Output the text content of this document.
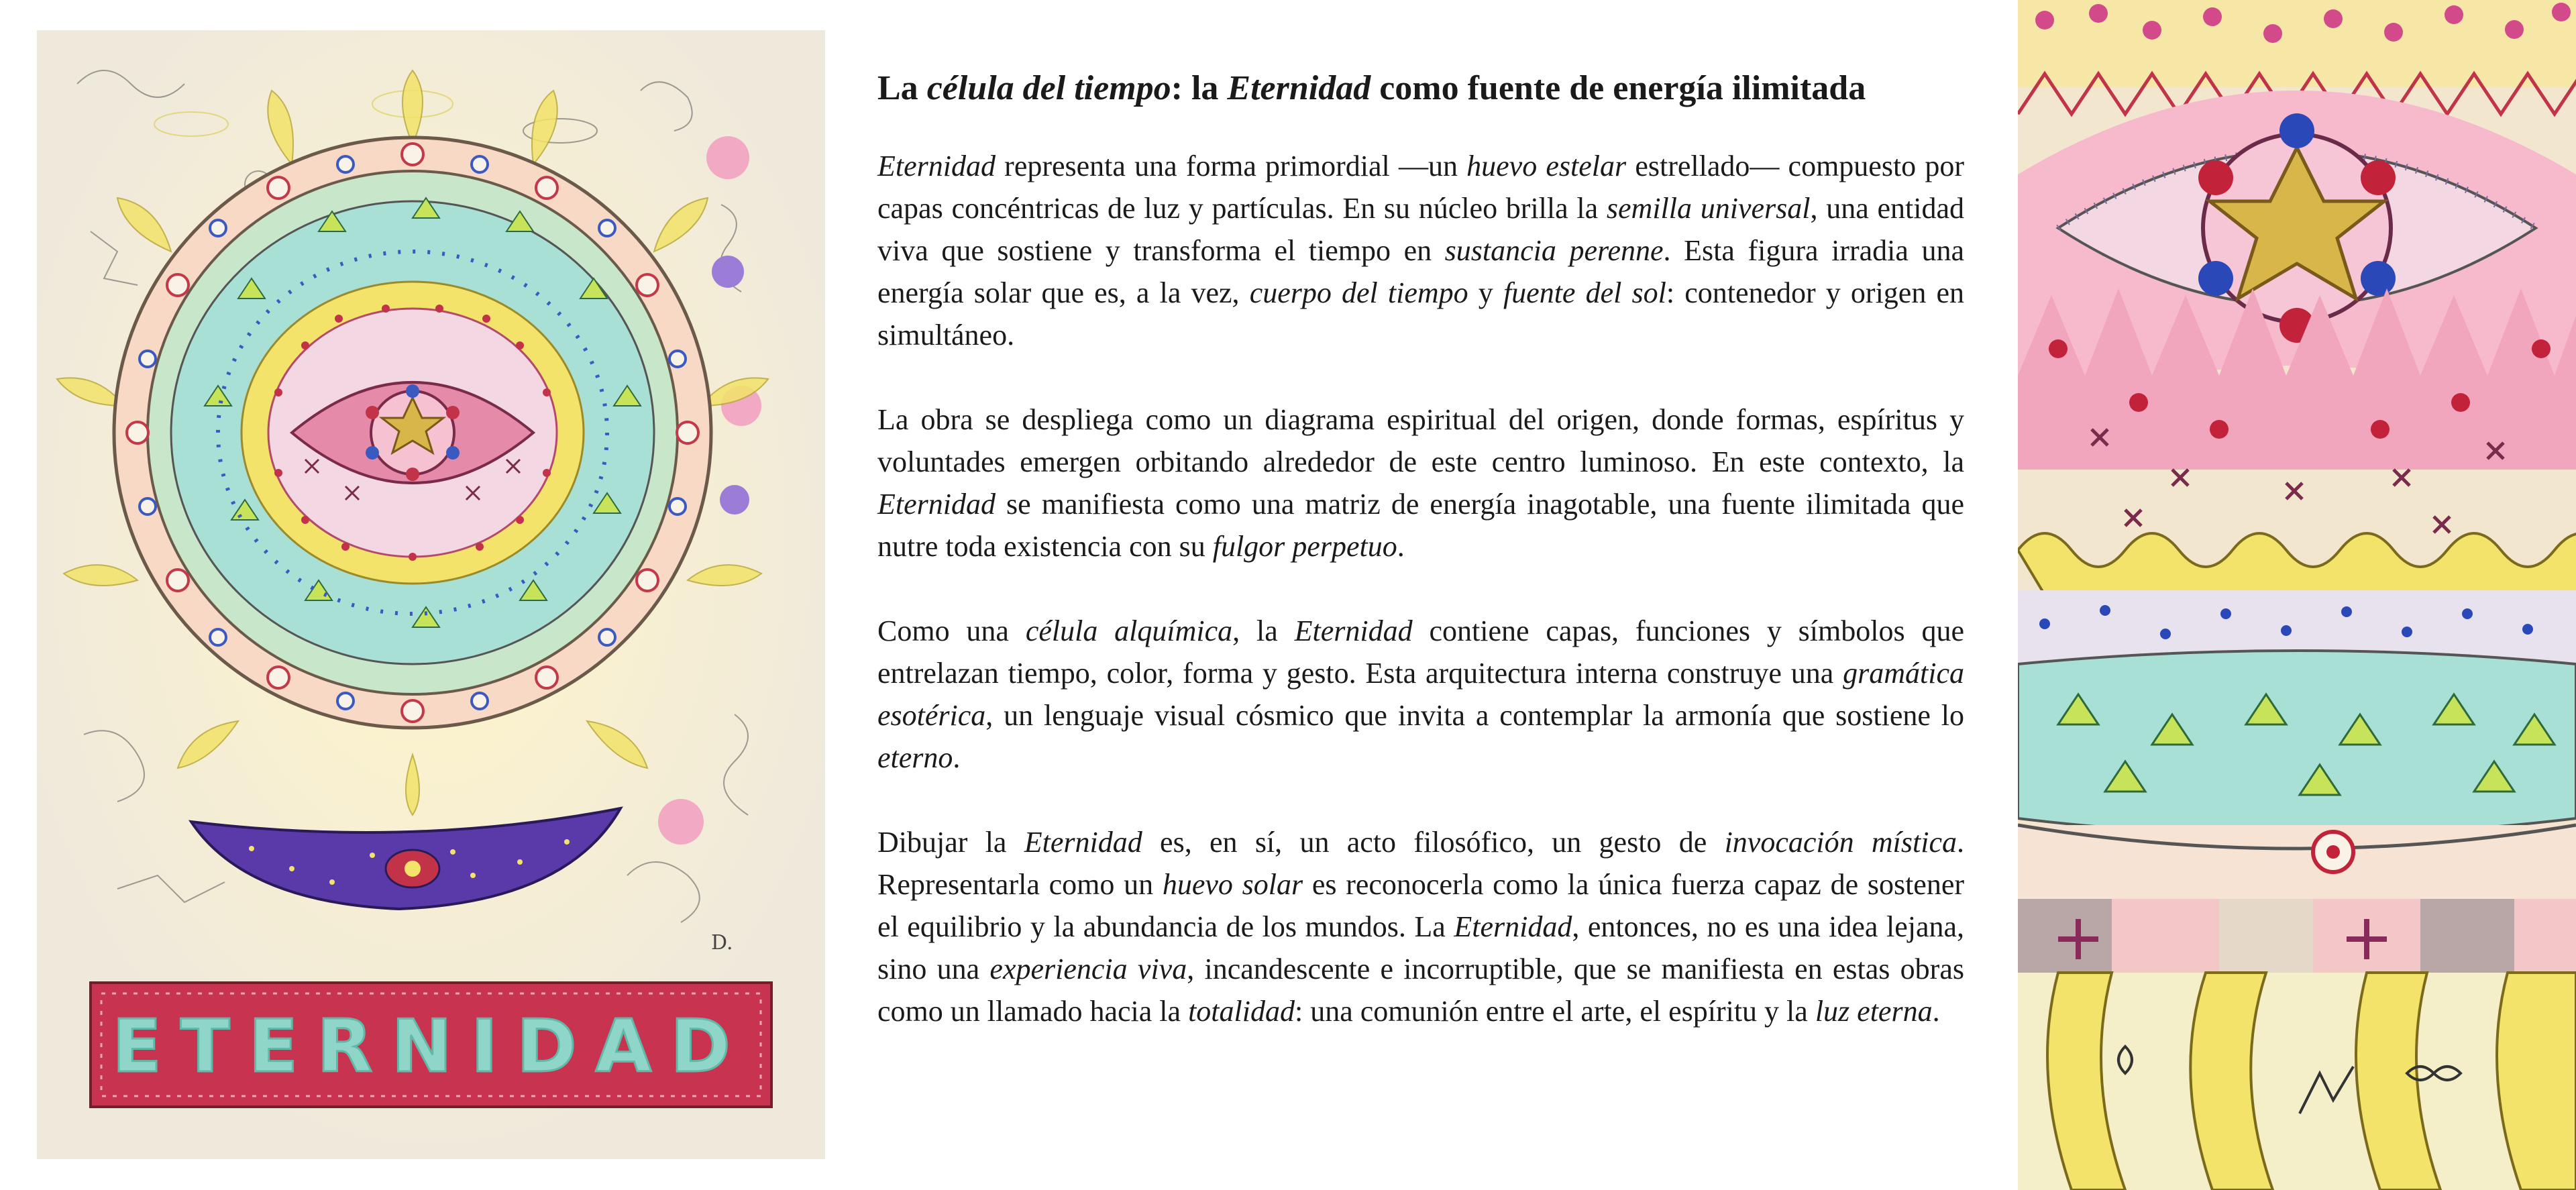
D.
ETERNIDAD
La célula del tiempo: la Eternidad como fuente de energía ilimitada

Eternidad representa una forma primordial —un huevo estelar estrellado— compuesto por capas concéntricas de luz y partículas. En su núcleo brilla la semilla universal, una entidad viva que sostiene y transforma el tiempo en sustancia perenne. Esta figura irradia una energía solar que es, a la vez, cuerpo del tiempo y fuente del sol: contenedor y origen en simultáneo.

La obra se despliega como un diagrama espiritual del origen, donde formas, espíritus y voluntades emergen orbitando alrededor de este centro luminoso. En este contexto, la Eternidad se manifiesta como una matriz de energía inagotable, una fuente ilimitada que nutre toda existencia con su fulgor perpetuo.

Como una célula alquímica, la Eternidad contiene capas, funciones y símbolos que entrelazan tiempo, color, forma y gesto. Esta arquitectura interna construye una gramática esotérica, un lenguaje visual cósmico que invita a contemplar la armonía que sostiene lo eterno.

Dibujar la Eternidad es, en sí, un acto filosófico, un gesto de invocación mística. Representarla como un huevo solar es reconocerla como la única fuerza capaz de sostener el equilibrio y la abundancia de los mundos. La Eternidad, entonces, no es una idea lejana, sino una experiencia viva, incandescente e incorruptible, que se manifiesta en estas obras como un llamado hacia la totalidad: una comunión entre el arte, el espíritu y la luz eterna.
